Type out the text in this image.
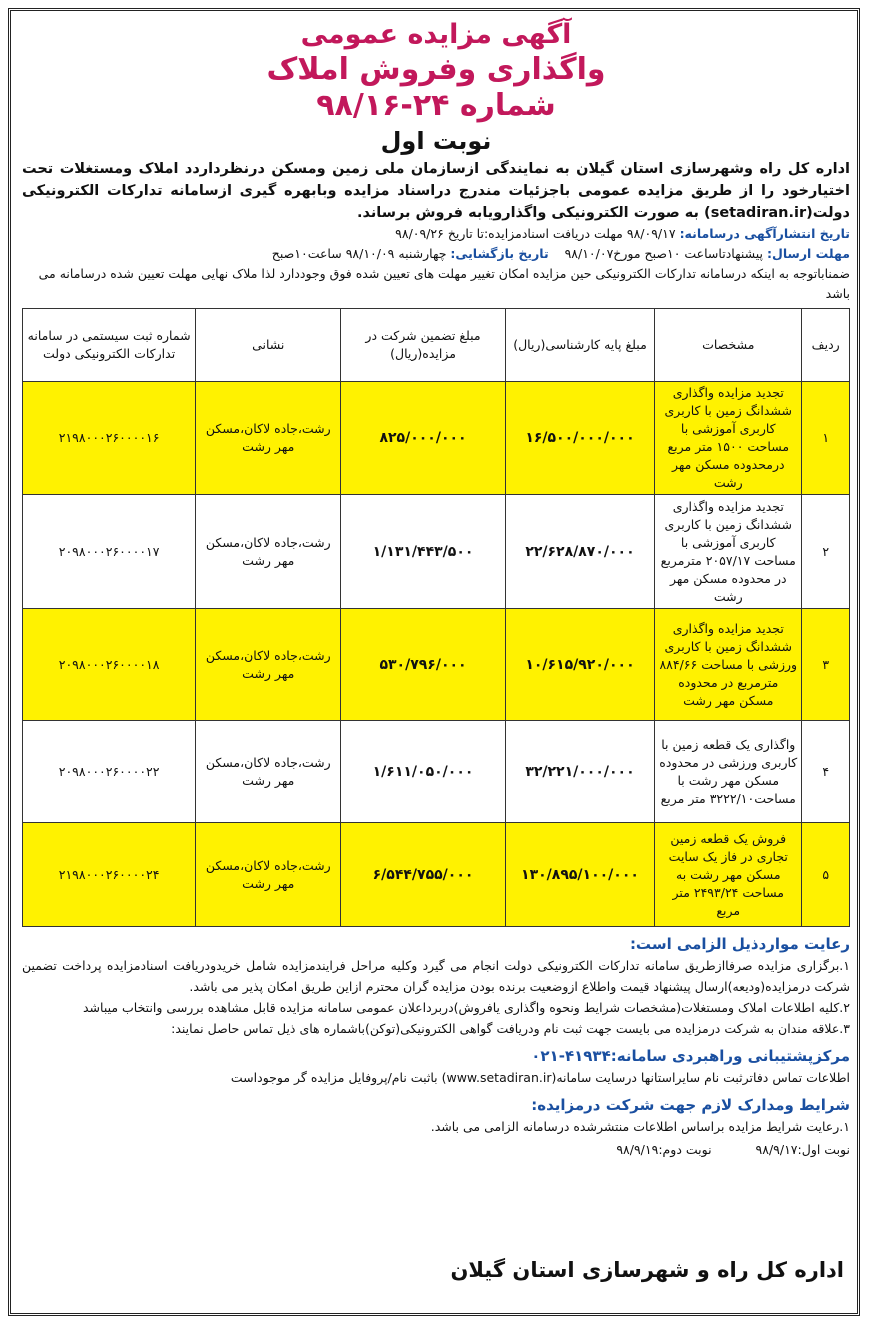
آگهی مزایده عمومی

واگذاری وفروش املاک

شماره ۲۴-۹۸/۱۶

نوبت اول

اداره کل راه وشهرسازی استان گیلان به نمایندگی ازسازمان ملی زمین ومسکن درنظرداردد املاک ومستغلات تحت اختیارخود را از طریق مزایده عمومی باجزئیات مندرج دراسناد مزایده وبابهره گیری ازسامانه تدارکات الکترونیکی دولت(setadiran.ir) به صورت الکترونیکی واگذارویابه فروش برساند.

تاریخ انتشارآگهی درسامانه: ۹۸/۰۹/۱۷ مهلت دریافت اسنادمزایده:تا تاریخ ۹۸/۰۹/۲۶

مهلت ارسال: پیشنهادتاساعت ۱۰صبح مورخ۹۸/۱۰/۰۷    تاریخ بازگشایی: چهارشنبه ۹۸/۱۰/۰۹ ساعت۱۰صبح

ضمناباتوجه به اینکه درسامانه تدارکات الکترونیکی حین مزایده امکان تغییر مهلت های تعیین شده فوق وجوددارد لذا ملاک نهایی مهلت تعیین شده درسامانه می باشد

ردیف	مشخصات	مبلغ پایه کارشناسی(ریال)	مبلغ تضمین شرکت در مزایده(ریال)	نشانی	شماره ثبت سیستمی در سامانه تدارکات الکترونیکی دولت
۱	تجدید مزایده واگذاری ششدانگ زمین با کاربری کاربری آموزشی با مساحت ۱۵۰۰ متر مربع درمحدوده مسکن مهر رشت	۱۶/۵۰۰/۰۰۰/۰۰۰	۸۲۵/۰۰۰/۰۰۰	رشت،جاده لاکان،مسکن مهر رشت	۲۱۹۸۰۰۰۲۶۰۰۰۰۱۶
۲	تجدید مزایده واگذاری ششدانگ زمین با کاربری کاربری آموزشی با مساحت ۲۰۵۷/۱۷ مترمربع در محدوده مسکن مهر رشت	۲۲/۶۲۸/۸۷۰/۰۰۰	۱/۱۳۱/۴۴۳/۵۰۰	رشت،جاده لاکان،مسکن مهر رشت	۲۰۹۸۰۰۰۲۶۰۰۰۰۱۷
۳	تجدید مزایده واگذاری ششدانگ زمین با کاربری ورزشی با مساحت ۸۸۴/۶۶ مترمربع در محدوده مسکن مهر رشت	۱۰/۶۱۵/۹۲۰/۰۰۰	۵۳۰/۷۹۶/۰۰۰	رشت،جاده لاکان،مسکن مهر رشت	۲۰۹۸۰۰۰۲۶۰۰۰۰۱۸
۴	واگذاری یک قطعه زمین با کاربری ورزشی در محدوده مسکن مهر رشت با مساحت۳۲۲۲/۱۰ متر مربع	۳۲/۲۲۱/۰۰۰/۰۰۰	۱/۶۱۱/۰۵۰/۰۰۰	رشت،جاده لاکان،مسکن مهر رشت	۲۰۹۸۰۰۰۲۶۰۰۰۰۲۲
۵	فروش یک قطعه زمین تجاری در فاز یک سایت مسکن مهر رشت به مساحت ۲۴۹۳/۲۴ متر مربع	۱۳۰/۸۹۵/۱۰۰/۰۰۰	۶/۵۴۴/۷۵۵/۰۰۰	رشت،جاده لاکان،مسکن مهر رشت	۲۱۹۸۰۰۰۲۶۰۰۰۰۲۴

رعایت مواردذیل الزامی است:

۱.برگزاری مزایده صرفاازطریق سامانه تدارکات الکترونیکی دولت انجام می گیرد وکلیه مراحل فرایندمزایده شامل خریدودریافت اسنادمزایده پرداخت تضمین شرکت درمزایده(ودیعه)ارسال پیشنهاد قیمت واطلاع ازوضعیت برنده بودن مزایده گران محترم ازاین طریق امکان پذیر می باشد.

۲.کلیه اطلاعات املاک ومستغلات(مشخصات شرایط ونحوه واگذاری یافروش)دربرداعلان عمومی سامانه مزایده قابل مشاهده بررسی وانتخاب میباشد

۳.علاقه مندان به شرکت درمزایده می بایست جهت ثبت نام ودریافت گواهی الکترونیکی(توکن)باشماره های ذیل تماس حاصل نمایند:

مرکزپشتیبانی وراهبردی سامانه:۴۱۹۳۴-۰۲۱

اطلاعات تماس دفاترثبت نام سایراستانها درسایت سامانه(www.setadiran.ir) باثبت نام/پروفایل مزایده گر موجوداست

شرایط ومدارک لازم جهت شرکت درمزایده:

۱.رعایت شرایط مزایده براساس اطلاعات منتشرشده درسامانه الزامی می باشد.

نوبت اول:۹۸/۹/۱۷ نوبت دوم:۹۸/۹/۱۹

اداره کل راه و شهرسازی استان گیلان
